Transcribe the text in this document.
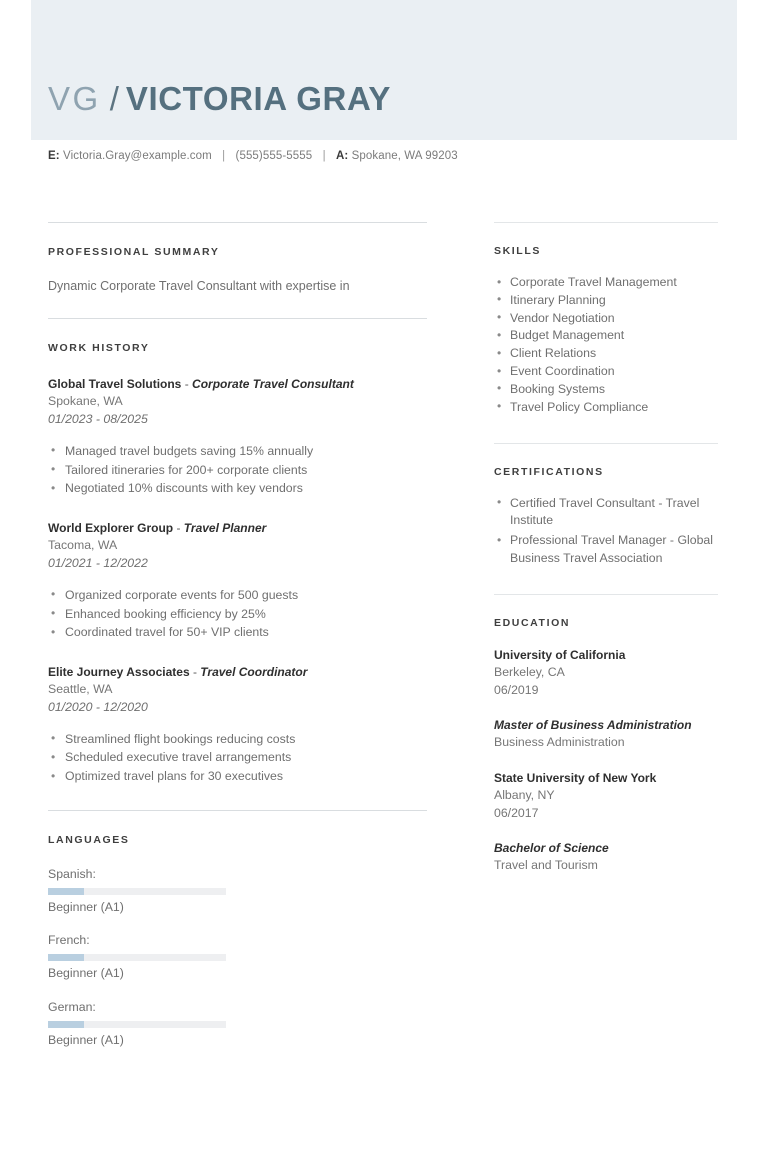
VG / VICTORIA GRAY
E: Victoria.Gray@example.com | (555)555-5555 | A: Spokane, WA 99203
PROFESSIONAL SUMMARY

Dynamic Corporate Travel Consultant with expertise in

WORK HISTORY
Global Travel Solutions - Corporate Travel Consultant
Spokane, WA
01/2023 - 08/2025
• Managed travel budgets saving 15% annually
• Tailored itineraries for 200+ corporate clients
• Negotiated 10% discounts with key vendors
World Explorer Group - Travel Planner
Tacoma, WA
01/2021 - 12/2022
• Organized corporate events for 500 guests
• Enhanced booking efficiency by 25%
• Coordinated travel for 50+ VIP clients
Elite Journey Associates - Travel Coordinator
Seattle, WA
01/2020 - 12/2020
• Streamlined flight bookings reducing costs
• Scheduled executive travel arrangements
• Optimized travel plans for 30 executives
LANGUAGES
Spanish:
Beginner (A1)
French:
Beginner (A1)
German:
Beginner (A1)
SKILLS
• Corporate Travel Management
• Itinerary Planning
• Vendor Negotiation
• Budget Management
• Client Relations
• Event Coordination
• Booking Systems
• Travel Policy Compliance
CERTIFICATIONS
• Certified Travel Consultant - Travel Institute
• Professional Travel Manager - Global Business Travel Association
EDUCATION
University of California
Berkeley, CA
06/2019
Master of Business Administration
Business Administration
State University of New York
Albany, NY
06/2017
Bachelor of Science
Travel and Tourism
